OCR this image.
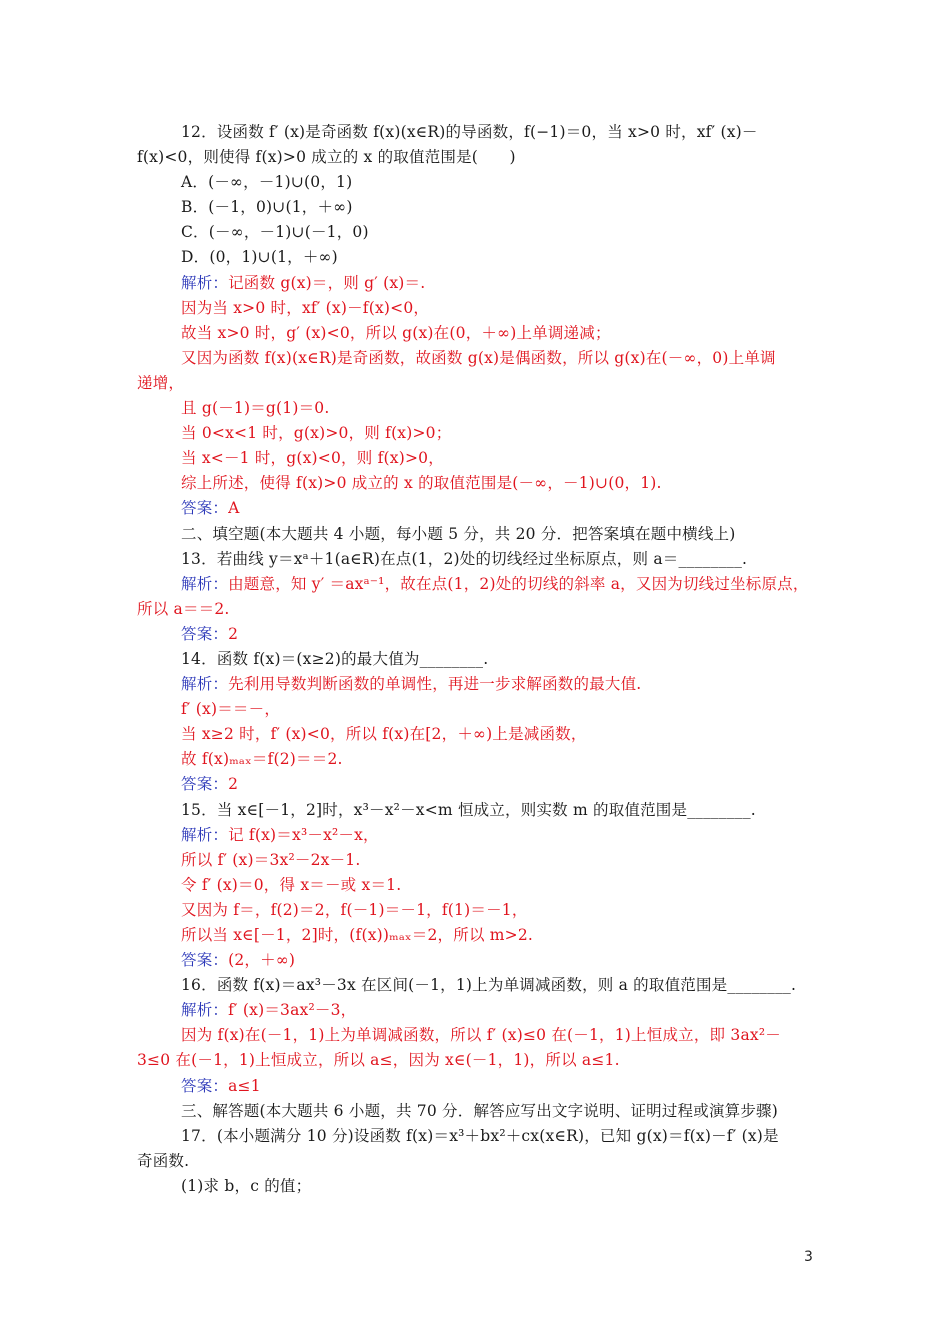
12．设函数 f′ (x)是奇函数 f(x)(x∈R)的导函数，f(−1)＝0，当 x>0 时，xf′ (x)－
f(x)<0，则使得 f(x)>0 成立的 x 的取值范围是(　　)
A．(－∞，－1)∪(0，1)
B．(－1，0)∪(1，＋∞)
C．(－∞，－1)∪(－1，0)
D．(0，1)∪(1，＋∞)
解析：记函数 g(x)＝，则 g′ (x)＝.
因为当 x>0 时，xf′ (x)－f(x)<0，
故当 x>0 时，g′ (x)<0，所以 g(x)在(0，＋∞)上单调递减；
又因为函数 f(x)(x∈R)是奇函数，故函数 g(x)是偶函数，所以 g(x)在(－∞，0)上单调
递增，
且 g(－1)＝g(1)＝0.
当 0<x<1 时，g(x)>0，则 f(x)>0；
当 x<－1 时，g(x)<0，则 f(x)>0，
综上所述，使得 f(x)>0 成立的 x 的取值范围是(－∞，－1)∪(0，1).
答案：A
二、填空题(本大题共 4 小题，每小题 5 分，共 20 分．把答案填在题中横线上)
13．若曲线 y＝xᵃ＋1(a∈R)在点(1，2)处的切线经过坐标原点，则 a＝________.
解析：由题意，知 y′ ＝axᵃ⁻¹，故在点(1，2)处的切线的斜率 a，又因为切线过坐标原点，
所以 a＝＝2.
答案：2
14．函数 f(x)＝(x≥2)的最大值为________.
解析：先利用导数判断函数的单调性，再进一步求解函数的最大值.
f′ (x)＝＝－，
当 x≥2 时，f′ (x)<0，所以 f(x)在[2，＋∞)上是减函数，
故 f(x)ₘₐₓ＝f(2)＝＝2.
答案：2
15．当 x∈[－1，2]时，x³－x²－x<m 恒成立，则实数 m 的取值范围是________.
解析：记 f(x)＝x³－x²－x，
所以 f′ (x)＝3x²－2x－1.
令 f′ (x)＝0，得 x＝－或 x＝1.
又因为 f＝，f(2)＝2，f(－1)＝－1，f(1)＝－1，
所以当 x∈[－1，2]时，(f(x))ₘₐₓ＝2，所以 m>2.
答案：(2，＋∞)
16．函数 f(x)＝ax³－3x 在区间(－1，1)上为单调减函数，则 a 的取值范围是________.
解析：f′ (x)＝3ax²－3，
因为 f(x)在(－1，1)上为单调减函数，所以 f′ (x)≤0 在(－1，1)上恒成立，即 3ax²－
3≤0 在(－1，1)上恒成立，所以 a≤，因为 x∈(－1，1)，所以 a≤1.
答案：a≤1
三、解答题(本大题共 6 小题，共 70 分．解答应写出文字说明、证明过程或演算步骤)
17．(本小题满分 10 分)设函数 f(x)＝x³＋bx²＋cx(x∈R)，已知 g(x)＝f(x)－f′ (x)是
奇函数.
(1)求 b，c 的值；
3
